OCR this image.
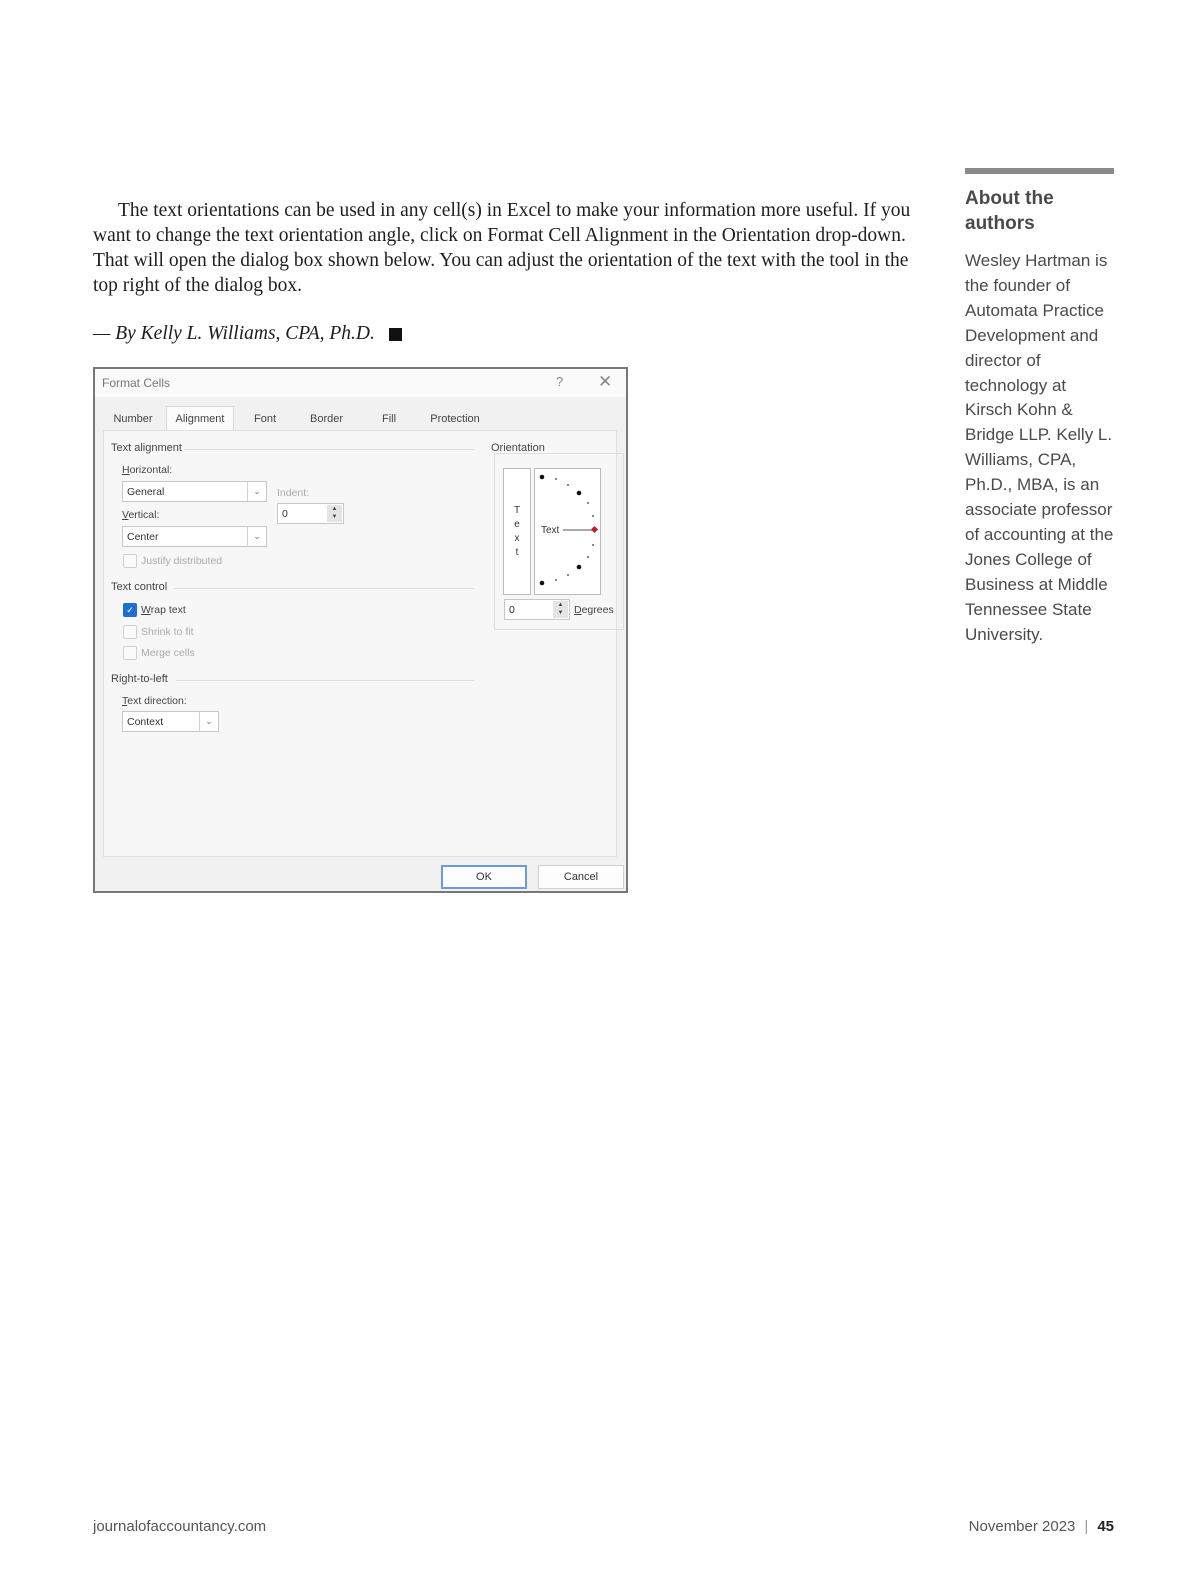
The text orientations can be used in any cell(s) in Excel to make your information more useful. If you want to change the text orientation angle, click on Format Cell Alignment in the Orientation drop-down. That will open the dialog box shown below. You can adjust the orientation of the text with the tool in the top right of the dialog box.

— By Kelly L. Williams, CPA, Ph.D.

Format Cells	? ✕
Number	Alignment	Font	Border	Fill	Protection
Text alignment
Horizontal:
General	⌄	Indent:
0	▲
▼
Vertical:
Center	⌄
Justify distributed
Text control
✓ Wrap text
Shrink to fit
Merge cells
Right-to-left
Text direction:
Context	⌄
Orientation
T
e
x
t
Text
0	▲
▼	Degrees
OK	Cancel
About the authors

Wesley Hartman is the founder of Automata Practice Development and director of technology at Kirsch Kohn & Bridge LLP. Kelly L. Williams, CPA, Ph.D., MBA, is an associate professor of accounting at the Jones College of Business at Middle Tennessee State University.

journalofaccountancy.com	November 2023 | 45
